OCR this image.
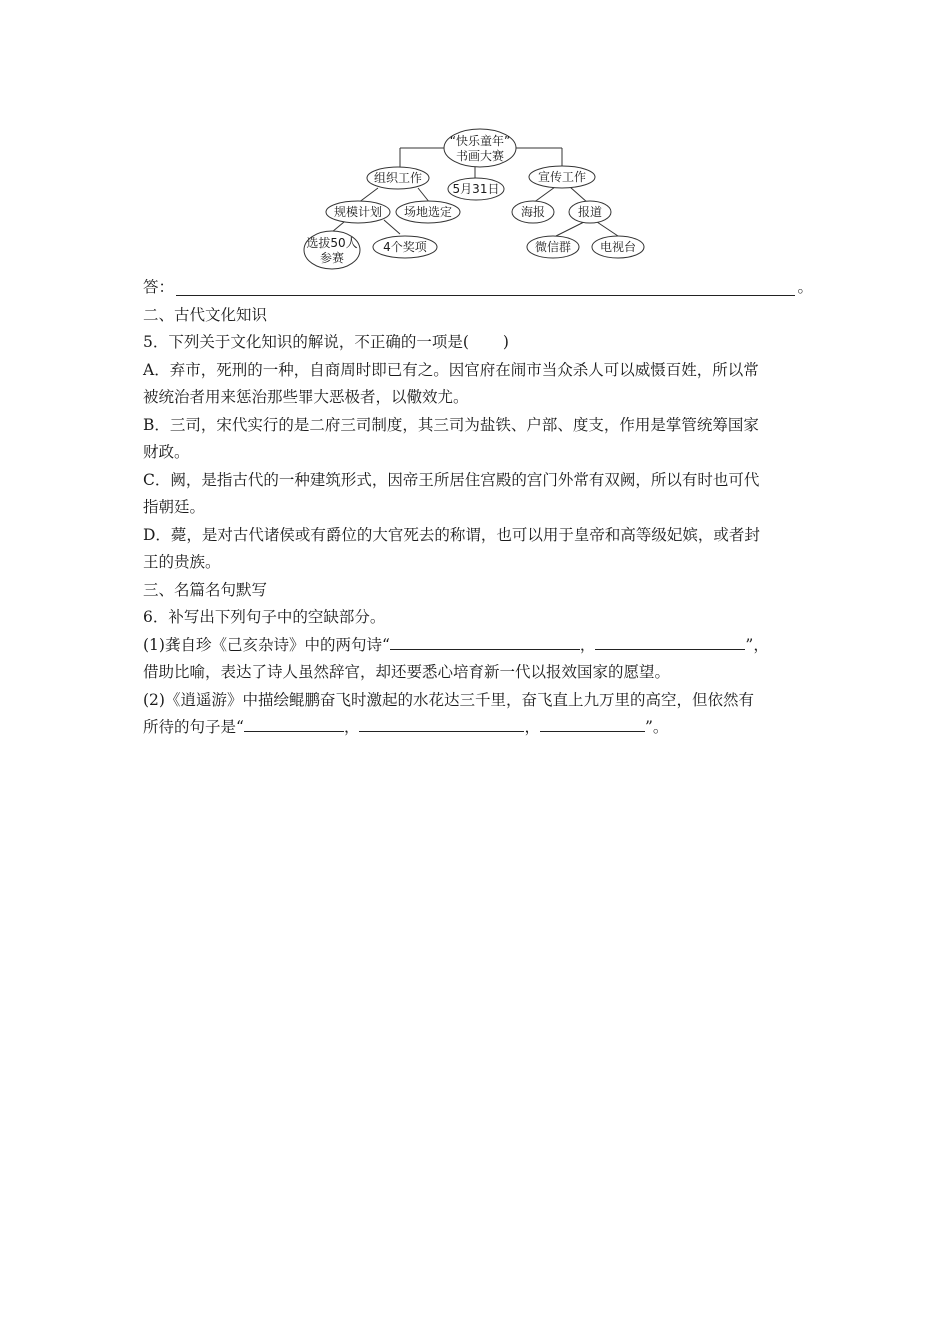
“快乐童年”
书画大赛
5月31日
组织工作	宣传工作
规模计划 场地选定	海报	报道
选拔50人
参赛
4个奖项	微信群 电视台
答：	。
二、古代文化知识
5．下列关于文化知识的解说，不正确的一项是( )
A．弃市，死刑的一种，自商周时即已有之。因官府在闹市当众杀人可以威慑百姓，所以常
被统治者用来惩治那些罪大恶极者，以儆效尤。
B．三司，宋代实行的是二府三司制度，其三司为盐铁、户部、度支，作用是掌管统筹国家
财政。
C．阙，是指古代的一种建筑形式，因帝王所居住宫殿的宫门外常有双阙，所以有时也可代
指朝廷。
D．薨，是对古代诸侯或有爵位的大官死去的称谓，也可以用于皇帝和高等级妃嫔，或者封
王的贵族。
三、名篇名句默写
6．补写出下列句子中的空缺部分。
(1)龚自珍《己亥杂诗》中的两句诗“	，	”，
借助比喻，表达了诗人虽然辞官，却还要悉心培育新一代以报效国家的愿望。
(2)《逍遥游》中描绘鲲鹏奋飞时激起的水花达三千里，奋飞直上九万里的高空，但依然有
所待的句子是“	，	，	”。
